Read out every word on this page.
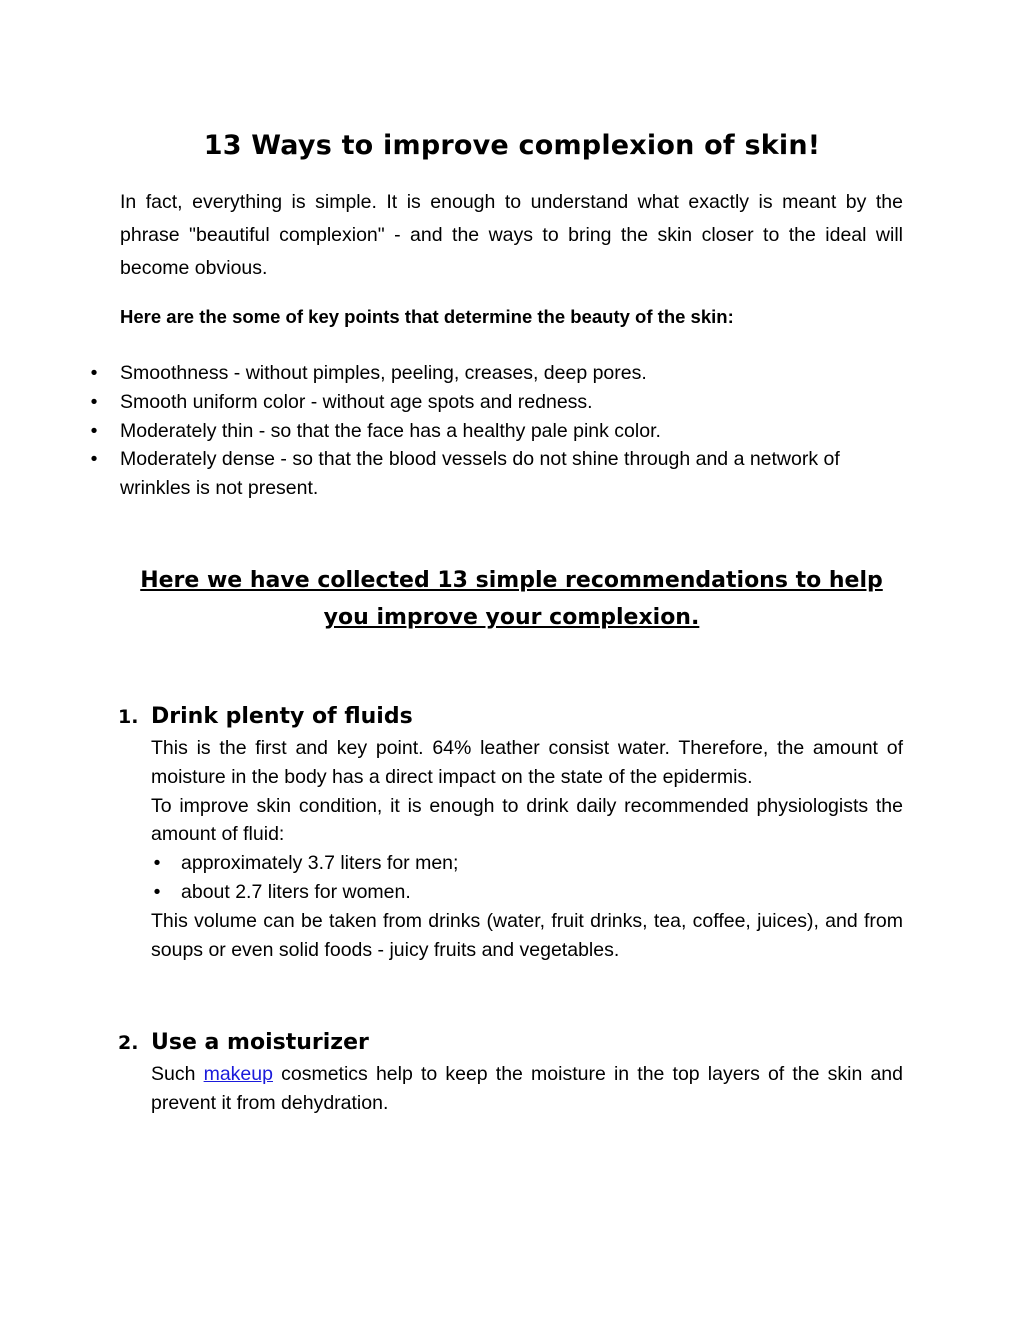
13 Ways to improve complexion of skin!

In fact, everything is simple. It is enough to understand what exactly is meant by the phrase "beautiful complexion" - and the ways to bring the skin closer to the ideal will become obvious.

Here are the some of key points that determine the beauty of the skin:

• Smoothness - without pimples, peeling, creases, deep pores.
• Smooth uniform color - without age spots and redness.
• Moderately thin - so that the face has a healthy pale pink color.
• Moderately dense - so that the blood vessels do not shine through and a network of wrinkles is not present.

Here we have collected 13 simple recommendations to help you improve your complexion.

1. Drink plenty of fluids

This is the first and key point. 64% leather consist water. Therefore, the amount of moisture in the body has a direct impact on the state of the epidermis.

To improve skin condition, it is enough to drink daily recommended physiologists the amount of fluid:

• approximately 3.7 liters for men;
• about 2.7 liters for women.

This volume can be taken from drinks (water, fruit drinks, tea, coffee, juices), and from soups or even solid foods - juicy fruits and vegetables.

2. Use a moisturizer

Such makeup cosmetics help to keep the moisture in the top layers of the skin and prevent it from dehydration.
